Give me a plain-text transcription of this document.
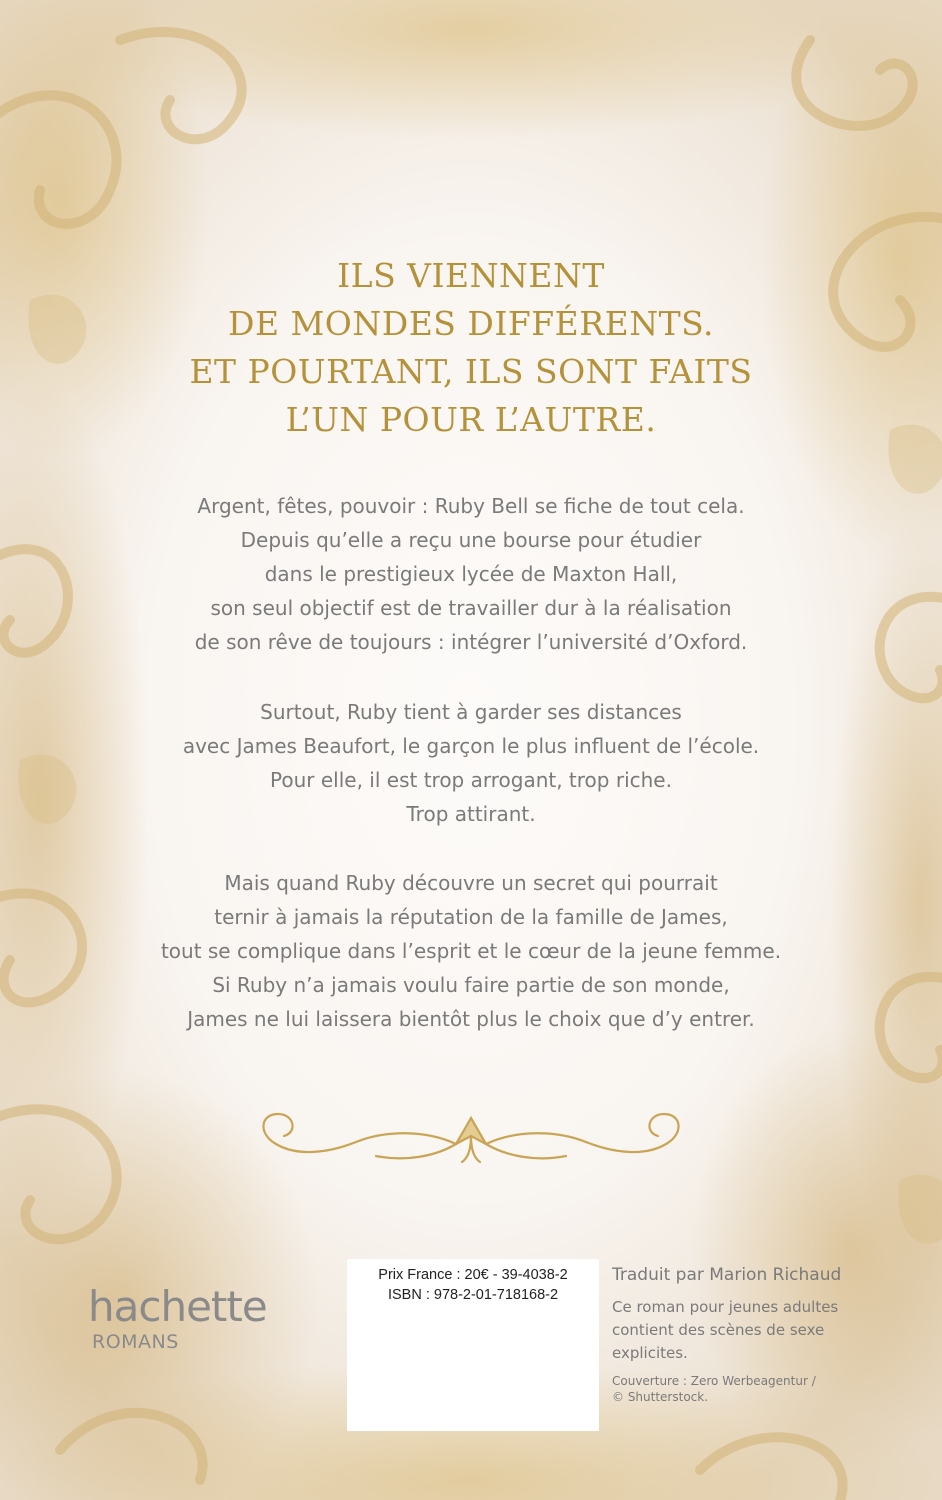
ILS VIENNENT
DE MONDES DIFFÉRENTS.
ET POURTANT, ILS SONT FAITS
L’UN POUR L’AUTRE.
Argent, fêtes, pouvoir : Ruby Bell se fiche de tout cela.
Depuis qu’elle a reçu une bourse pour étudier
dans le prestigieux lycée de Maxton Hall,
son seul objectif est de travailler dur à la réalisation
de son rêve de toujours : intégrer l’université d’Oxford.
Surtout, Ruby tient à garder ses distances
avec James Beaufort, le garçon le plus influent de l’école.
Pour elle, il est trop arrogant, trop riche.
Trop attirant.
Mais quand Ruby découvre un secret qui pourrait
ternir à jamais la réputation de la famille de James,
tout se complique dans l’esprit et le cœur de la jeune femme.
Si Ruby n’a jamais voulu faire partie de son monde,
James ne lui laissera bientôt plus le choix que d’y entrer.
hachette
ROMANS
Prix France : 20€ - 39-4038-2
ISBN : 978-2-01-718168-2
Traduit par Marion Richaud
Ce roman pour jeunes adultes
contient des scènes de sexe
explicites.
Couverture : Zero Werbeagentur /
© Shutterstock.
